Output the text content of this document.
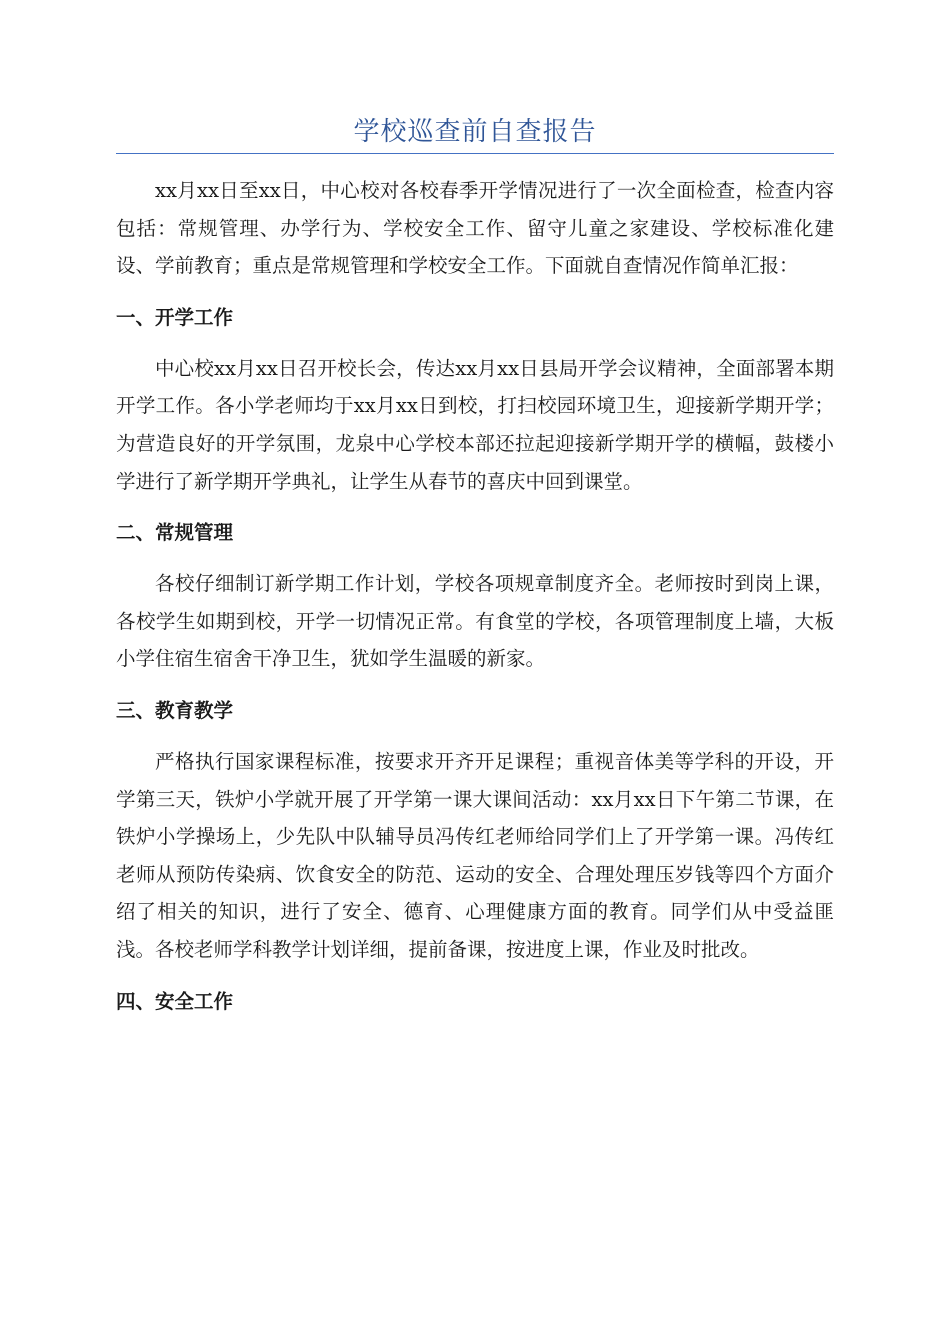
学校巡查前自查报告

xx月xx日至xx日，中心校对各校春季开学情况进行了一次全面检查，检查内容包括：常规管理、办学行为、学校安全工作、留守儿童之家建设、学校标准化建设、学前教育；重点是常规管理和学校安全工作。下面就自查情况作简单汇报：

一、开学工作

中心校xx月xx日召开校长会，传达xx月xx日县局开学会议精神，全面部署本期开学工作。各小学老师均于xx月xx日到校，打扫校园环境卫生，迎接新学期开学；为营造良好的开学氛围，龙泉中心学校本部还拉起迎接新学期开学的横幅，鼓楼小学进行了新学期开学典礼，让学生从春节的喜庆中回到课堂。

二、常规管理

各校仔细制订新学期工作计划，学校各项规章制度齐全。老师按时到岗上课，各校学生如期到校，开学一切情况正常。有食堂的学校，各项管理制度上墙，大板小学住宿生宿舍干净卫生，犹如学生温暖的新家。

三、教育教学

严格执行国家课程标准，按要求开齐开足课程；重视音体美等学科的开设，开学第三天，铁炉小学就开展了开学第一课大课间活动：xx月xx日下午第二节课，在铁炉小学操场上，少先队中队辅导员冯传红老师给同学们上了开学第一课。冯传红老师从预防传染病、饮食安全的防范、运动的安全、合理处理压岁钱等四个方面介绍了相关的知识，进行了安全、德育、心理健康方面的教育。同学们从中受益匪浅。各校老师学科教学计划详细，提前备课，按进度上课，作业及时批改。

四、安全工作
